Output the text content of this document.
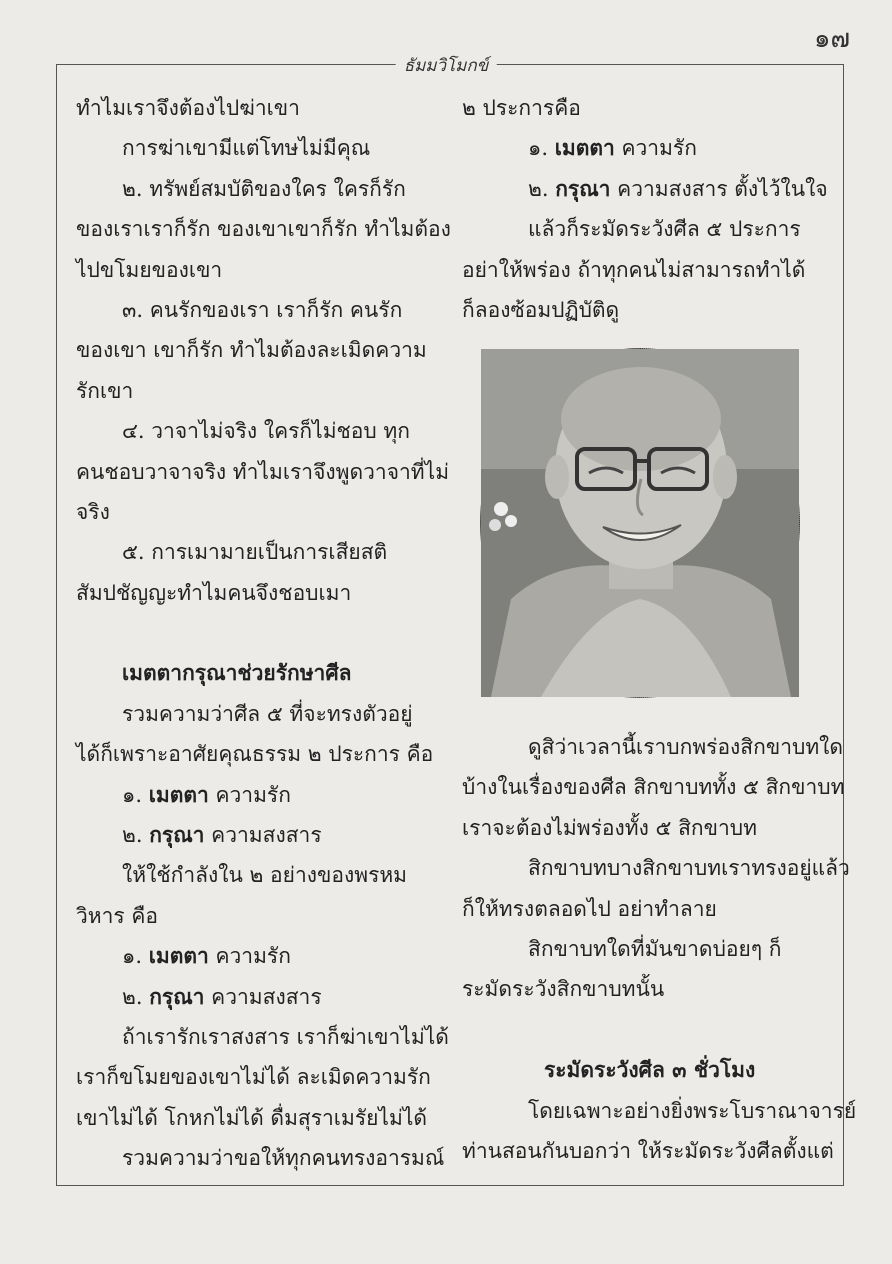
๑๗
ธัมมวิโมกข์
ทำไมเราจึงต้องไปฆ่าเขา
การฆ่าเขามีแต่โทษไม่มีคุณ
๒. ทรัพย์สมบัติของใคร ใครก็รัก
ของเราเราก็รัก ของเขาเขาก็รัก ทำไมต้อง
ไปขโมยของเขา
๓. คนรักของเรา เราก็รัก คนรัก
ของเขา เขาก็รัก ทำไมต้องละเมิดความ
รักเขา
๔. วาจาไม่จริง ใครก็ไม่ชอบ ทุก
คนชอบวาจาจริง ทำไมเราจึงพูดวาจาที่ไม่
จริง
๕. การเมามายเป็นการเสียสติ
สัมปชัญญะทำไมคนจึงชอบเมา
เมตตากรุณาช่วยรักษาศีล
รวมความว่าศีล ๕ ที่จะทรงตัวอยู่
ได้ก็เพราะอาศัยคุณธรรม ๒ ประการ คือ
๑. เมตตา ความรัก
๒. กรุณา ความสงสาร
ให้ใช้กำลังใน ๒ อย่างของพรหม
วิหาร คือ
๑. เมตตา ความรัก
๒. กรุณา ความสงสาร
ถ้าเรารักเราสงสาร เราก็ฆ่าเขาไม่ได้
เราก็ขโมยของเขาไม่ได้ ละเมิดความรัก
เขาไม่ได้ โกหกไม่ได้ ดื่มสุราเมรัยไม่ได้
รวมความว่าขอให้ทุกคนทรงอารมณ์
๒ ประการคือ
๑. เมตตา ความรัก
๒. กรุณา ความสงสาร ตั้งไว้ในใจ
แล้วก็ระมัดระวังศีล ๕ ประการ
อย่าให้พร่อง ถ้าทุกคนไม่สามารถทำได้
ก็ลองซ้อมปฏิบัติดู
ดูสิว่าเวลานี้เราบกพร่องสิกขาบทใด
บ้างในเรื่องของศีล สิกขาบททั้ง ๕ สิกขาบท
เราจะต้องไม่พร่องทั้ง ๕ สิกขาบท
สิกขาบทบางสิกขาบทเราทรงอยู่แล้ว
ก็ให้ทรงตลอดไป อย่าทำลาย
สิกขาบทใดที่มันขาดบ่อยๆ ก็
ระมัดระวังสิกขาบทนั้น
ระมัดระวังศีล ๓ ชั่วโมง
โดยเฉพาะอย่างยิ่งพระโบราณาจารย์
ท่านสอนกันบอกว่า ให้ระมัดระวังศีลตั้งแต่
